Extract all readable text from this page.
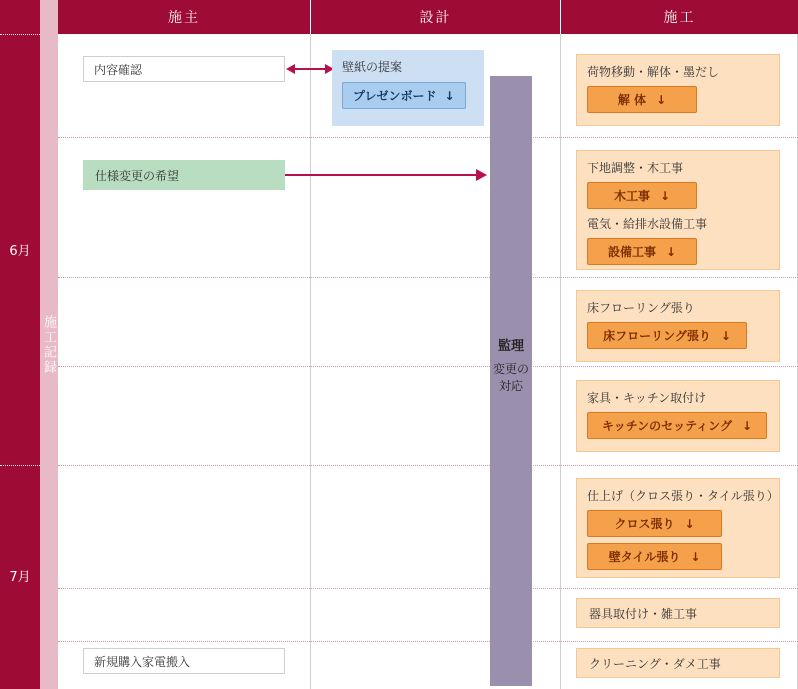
施工記録
6月
7月
施主	設計	施工
内容確認
仕様変更の希望
新規購入家電搬入
壁紙の提案
プレゼンボード ↓
監理
変更の
対応
荷物移動・解体・墨だし
解 体 ↓
下地調整・木工事
木工事 ↓
電気・給排水設備工事
設備工事 ↓
床フローリング張り
床フローリング張り ↓
家具・キッチン取付け
キッチンのセッティング ↓
仕上げ（クロス張り・タイル張り）
クロス張り ↓

壁タイル張り ↓
器具取付け・雑工事
クリーニング・ダメ工事
